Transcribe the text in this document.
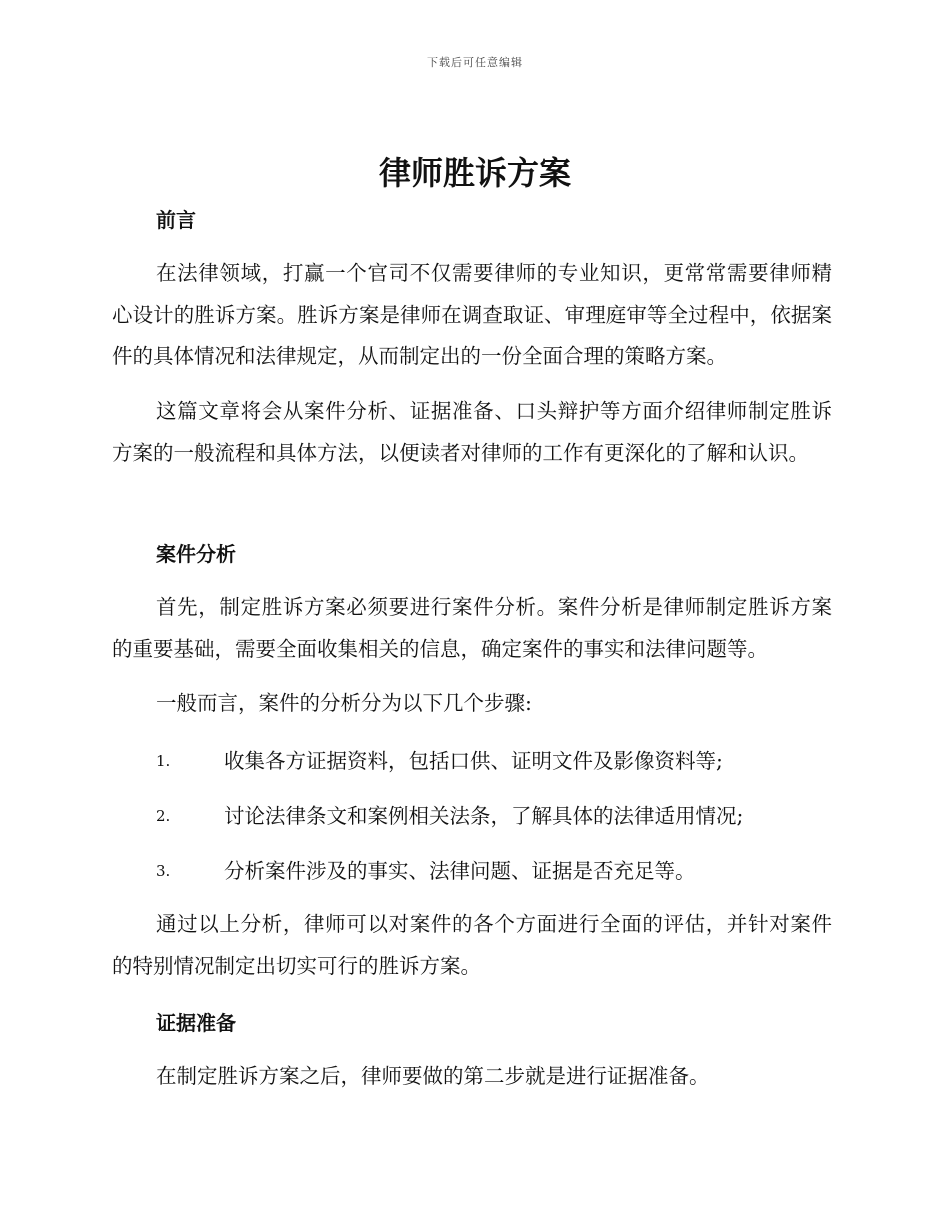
下载后可任意编辑
律师胜诉方案
前言

在法律领域，打赢一个官司不仅需要律师的专业知识，更常常需要律师精心设计的胜诉方案。胜诉方案是律师在调查取证、审理庭审等全过程中，依据案件的具体情况和法律规定，从而制定出的一份全面合理的策略方案。

这篇文章将会从案件分析、证据准备、口头辩护等方面介绍律师制定胜诉方案的一般流程和具体方法，以便读者对律师的工作有更深化的了解和认识。

案件分析

首先，制定胜诉方案必须要进行案件分析。案件分析是律师制定胜诉方案的重要基础，需要全面收集相关的信息，确定案件的事实和法律问题等。

一般而言，案件的分析分为以下几个步骤:

1.	收集各方证据资料，包括口供、证明文件及影像资料等;
2.	讨论法律条文和案例相关法条，了解具体的法律适用情况;
3.	分析案件涉及的事实、法律问题、证据是否充足等。

通过以上分析，律师可以对案件的各个方面进行全面的评估，并针对案件的特别情况制定出切实可行的胜诉方案。

证据准备

在制定胜诉方案之后，律师要做的第二步就是进行证据准备。
